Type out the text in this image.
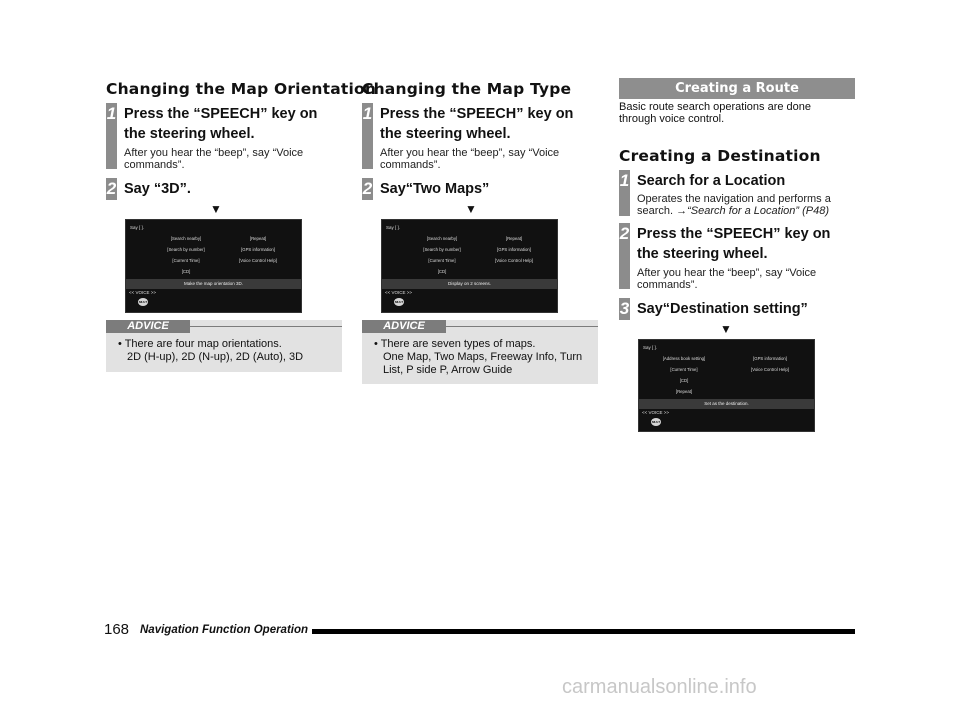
Changing the Map Orientation
1 Press the “SPEECH” key on
the steering wheel.
After you hear the “beep”, say “Voice
commands”.
2 Say “3D”.
▼
Say [ ].
[Search nearby]
[Search by number]
[Current Time]
[CD]
[Repeat]
[GPS information]
[Voice Control Help]
Make the map orientation 3D.
<< VOICE >>
MULT
ADVICE
• There are four map orientations.
2D (H-up), 2D (N-up), 2D (Auto), 3D
Changing the Map Type
1 Press the “SPEECH” key on
the steering wheel.
After you hear the “beep”, say “Voice
commands”.
2 Say“Two Maps”
▼
Say [ ].
[Search nearby]
[Search by number]
[Current Time]
[CD]
[Repeat]
[GPS information]
[Voice Control Help]
Display on 2 screens.
<< VOICE >>
MULT
ADVICE
• There are seven types of maps.
One Map, Two Maps, Freeway Info, Turn
List, P side P, Arrow Guide
Creating a Route
Basic route search operations are done
through voice control.
Creating a Destination
1 Search for a Location
Operates the navigation and performs a
search. →“Search for a Location” (P48)
2 Press the “SPEECH” key on
the steering wheel.
After you hear the “beep”, say “Voice
commands”.
3 Say“Destination setting”
▼
Say [ ].
[Address book setting]
[Current Time]
[CD]
[Repeat]
[GPS information]
[Voice Control Help]
Set as the destination.
<< VOICE >>
MULT
168 Navigation Function Operation
carmanualsonline.info
